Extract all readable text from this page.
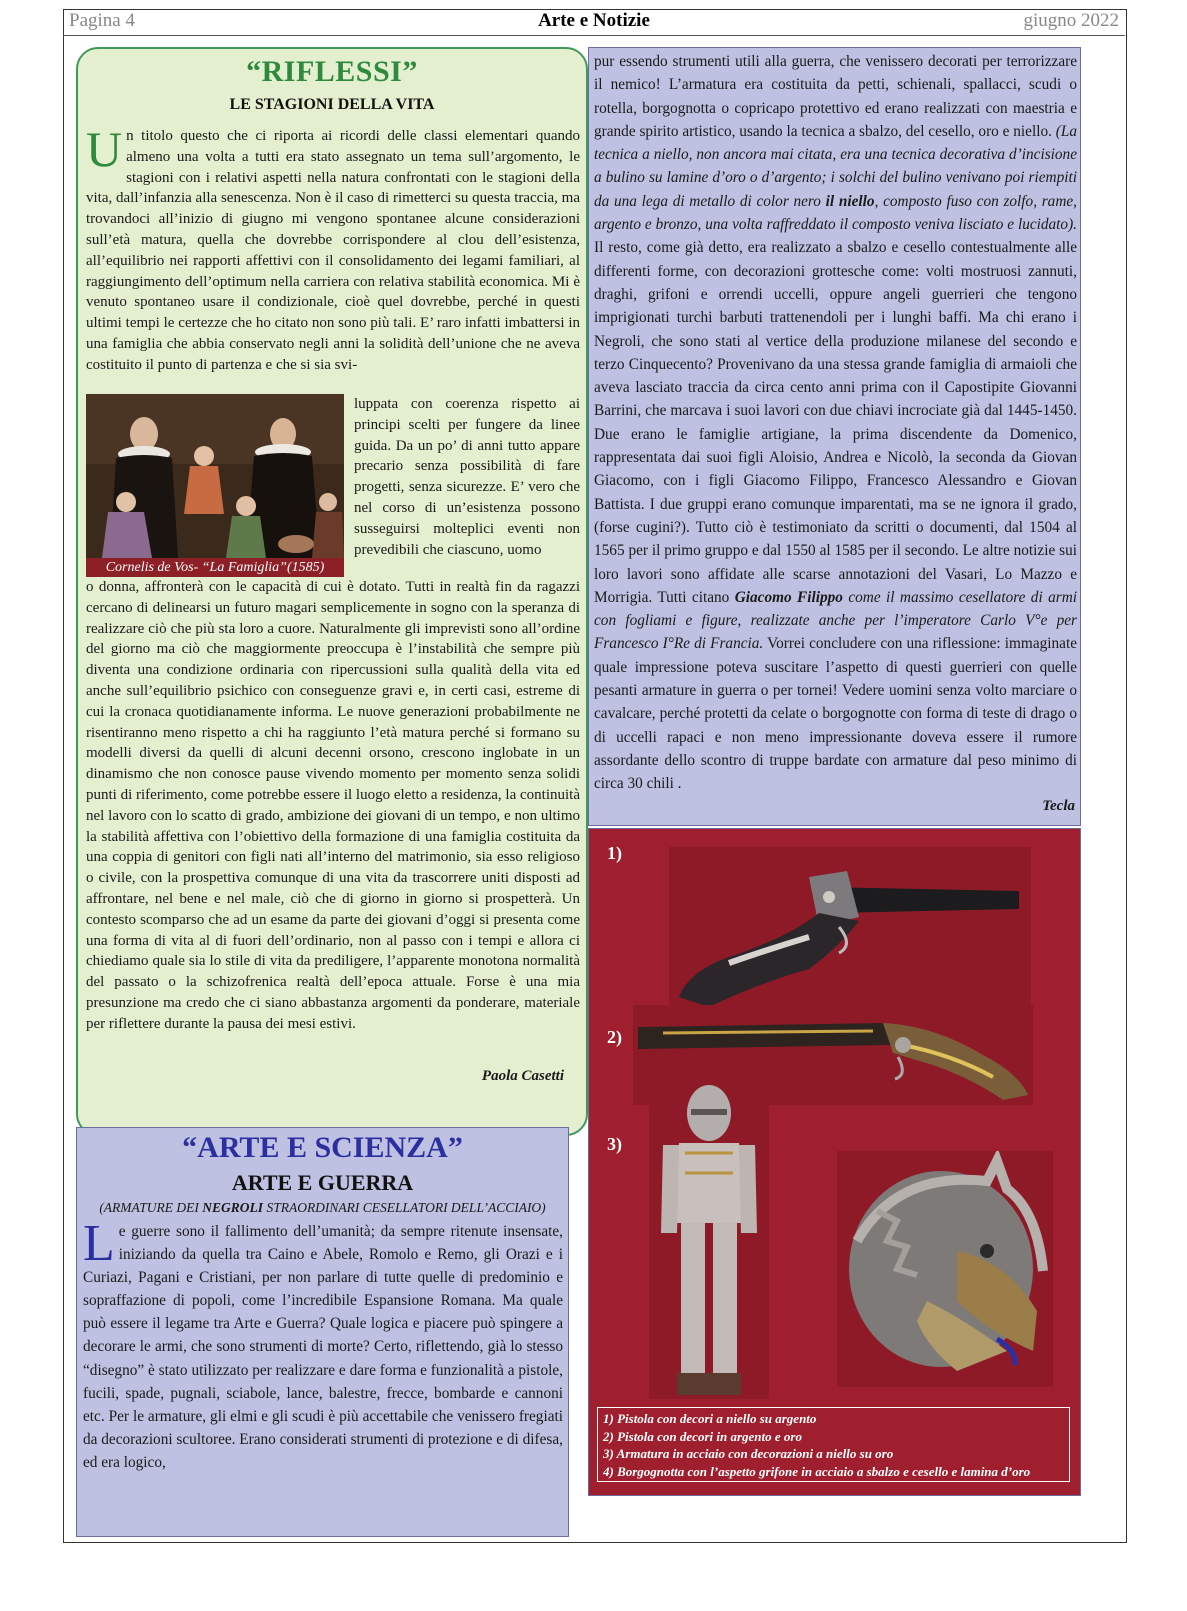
Pagina 4	Arte e Notizie	giugno 2022
“RIFLESSI”
LE STAGIONI DELLA VITA
Un titolo questo che ci riporta ai ricordi delle classi elementari quando almeno una volta a tutti era stato assegnato un tema sull’argomento, le stagioni con i relativi aspetti nella natura confrontati con le stagioni della vita, dall’infanzia alla senescenza. Non è il caso di rimetterci su questa traccia, ma trovandoci all’inizio di giugno mi vengono spontanee alcune considerazioni sull’età matura, quella che dovrebbe corrispondere al clou dell’esistenza, all’equilibrio nei rapporti affettivi con il consolidamento dei legami familiari, al raggiungimento dell’optimum nella carriera con relativa stabilità economica. Mi è venuto spontaneo usare il condizionale, cioè quel dovrebbe, perché in questi ultimi tempi le certezze che ho citato non sono più tali. E’ raro infatti imbattersi in una famiglia che abbia conservato negli anni la solidità dell’unione che ne aveva costituito il punto di partenza e che si sia svi-
Cornelis de Vos- “La Famiglia”(1585)
luppata con coerenza rispetto ai principi scelti per fungere da linee guida. Da un po’ di anni tutto appare precario senza possibilità di fare progetti, senza sicurezze. E’ vero che nel corso di un’esistenza possono susseguirsi molteplici eventi non prevedibili che ciascuno, uomo
o donna, affronterà con le capacità di cui è dotato. Tutti in realtà fin da ragazzi cercano di delinearsi un futuro magari semplicemente in sogno con la speranza di realizzare ciò che più sta loro a cuore. Naturalmente gli imprevisti sono all’ordine del giorno ma ciò che maggiormente preoccupa è l’instabilità che sempre più diventa una condizione ordinaria con ripercussioni sulla qualità della vita ed anche sull’equilibrio psichico con conseguenze gravi e, in certi casi, estreme di cui la cronaca quotidianamente informa. Le nuove generazioni probabilmente ne risentiranno meno rispetto a chi ha raggiunto l’età matura perché si formano su modelli diversi da quelli di alcuni decenni orsono, crescono inglobate in un dinamismo che non conosce pause vivendo momento per momento senza solidi punti di riferimento, come potrebbe essere il luogo eletto a residenza, la continuità nel lavoro con lo scatto di grado, ambizione dei giovani di un tempo, e non ultimo la stabilità affettiva con l’obiettivo della formazione di una famiglia costituita da una coppia di genitori con figli nati all’interno del matrimonio, sia esso religioso o civile, con la prospettiva comunque di una vita da trascorrere uniti disposti ad affrontare, nel bene e nel male, ciò che di giorno in giorno si prospetterà. Un contesto scomparso che ad un esame da parte dei giovani d’oggi si presenta come una forma di vita al di fuori dell’ordinario, non al passo con i tempi e allora ci chiediamo quale sia lo stile di vita da prediligere, l’apparente monotona normalità del passato o la schizofrenica realtà dell’epoca attuale. Forse è una mia presunzione ma credo che ci siano abbastanza argomenti da ponderare, materiale per riflettere durante la pausa dei mesi estivi.
Paola Casetti
“ARTE E SCIENZA”
ARTE E GUERRA
(ARMATURE DEI NEGROLI STRAORDINARI CESELLATORI DELL’ACCIAIO)
Le guerre sono il fallimento dell’umanità; da sempre ritenute insensate, iniziando da quella tra Caino e Abele, Romolo e Remo, gli Orazi e i Curiazi, Pagani e Cristiani, per non parlare di tutte quelle di predominio e sopraffazione di popoli, come l’incredibile Espansione Romana. Ma quale può essere il legame tra Arte e Guerra? Quale logica e piacere può spingere a decorare le armi, che sono strumenti di morte? Certo, riflettendo, già lo stesso “disegno” è stato utilizzato per realizzare e dare forma e funzionalità a pistole, fucili, spade, pugnali, sciabole, lance, balestre, frecce, bombarde e cannoni etc. Per le armature, gli elmi e gli scudi è più accettabile che venissero fregiati da decorazioni scultoree. Erano considerati strumenti di protezione e di difesa, ed era logico,
pur essendo strumenti utili alla guerra, che venissero decorati per terrorizzare il nemico! L’armatura era costituita da petti, schienali, spallacci, scudi o rotella, borgognotta o copricapo protettivo ed erano realizzati con maestria e grande spirito artistico, usando la tecnica a sbalzo, del cesello, oro e niello. (La tecnica a niello, non ancora mai citata, era una tecnica decorativa d’incisione a bulino su lamine d’oro o d’argento; i solchi del bulino venivano poi riempiti da una lega di metallo di color nero il niello, composto fuso con zolfo, rame, argento e bronzo, una volta raffreddato il composto veniva lisciato e lucidato). Il resto, come già detto, era realizzato a sbalzo e cesello contestualmente alle differenti forme, con decorazioni grottesche come: volti mostruosi zannuti, draghi, grifoni e orrendi uccelli, oppure angeli guerrieri che tengono imprigionati turchi barbuti trattenendoli per i lunghi baffi. Ma chi erano i Negroli, che sono stati al vertice della produzione milanese del secondo e terzo Cinquecento? Provenivano da una stessa grande famiglia di armaioli che aveva lasciato traccia da circa cento anni prima con il Capostipite Giovanni Barrini, che marcava i suoi lavori con due chiavi incrociate già dal 1445-1450. Due erano le famiglie artigiane, la prima discendente da Domenico, rappresentata dai suoi figli Aloisio, Andrea e Nicolò, la seconda da Giovan Giacomo, con i figli Giacomo Filippo, Francesco Alessandro e Giovan Battista. I due gruppi erano comunque imparentati, ma se ne ignora il grado, (forse cugini?). Tutto ciò è testimoniato da scritti o documenti, dal 1504 al 1565 per il primo gruppo e dal 1550 al 1585 per il secondo. Le altre notizie sui loro lavori sono affidate alle scarse annotazioni del Vasari, Lo Mazzo e Morrigia. Tutti citano Giacomo Filippo come il massimo cesellatore di armi con fogliami e figure, realizzate anche per l’imperatore Carlo V°e per Francesco I°Re di Francia. Vorrei concludere con una riflessione: immaginate quale impressione poteva suscitare l’aspetto di questi guerrieri con quelle pesanti armature in guerra o per tornei! Vedere uomini senza volto marciare o cavalcare, perché protetti da celate o borgognotte con forma di teste di drago o di uccelli rapaci e non meno impressionante doveva essere il rumore assordante dello scontro di truppe bardate con armature dal peso minimo di circa 30 chili .
Tecla
1)
2)
3)
1) Pistola con decori a niello su argento
2) Pistola con decori in argento e oro
3) Armatura in acciaio con decorazioni a niello su oro
4) Borgognotta con l’aspetto grifone in acciaio a sbalzo e cesello e lamina d’oro
